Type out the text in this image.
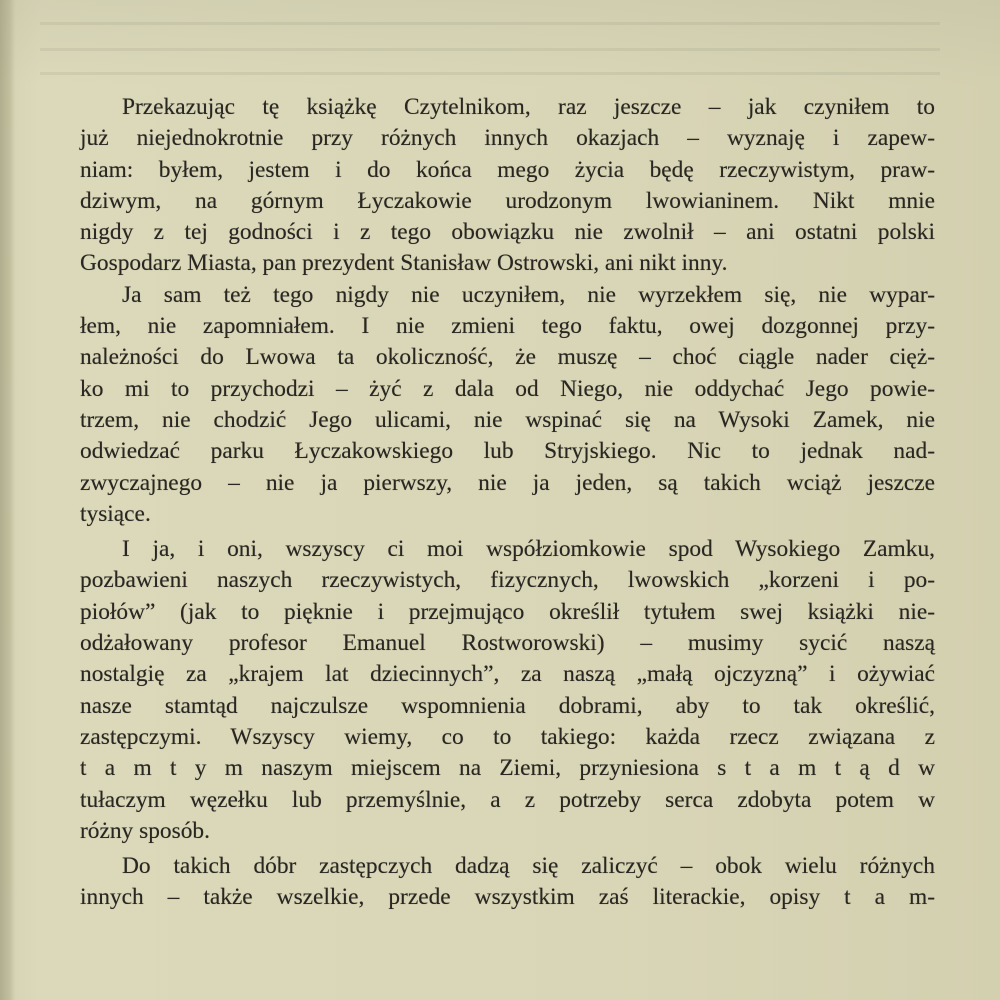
Przekazując tę książkę Czytelnikom, raz jeszcze – jak czyniłem to
już niejednokrotnie przy różnych innych okazjach – wyznaję i zapew-
niam: byłem, jestem i do końca mego życia będę rzeczywistym, praw-
dziwym, na górnym Łyczakowie urodzonym lwowianinem. Nikt mnie
nigdy z tej godności i z tego obowiązku nie zwolnił – ani ostatni polski
Gospodarz Miasta, pan prezydent Stanisław Ostrowski, ani nikt inny.
Ja sam też tego nigdy nie uczyniłem, nie wyrzekłem się, nie wypar-
łem, nie zapomniałem. I nie zmieni tego faktu, owej dozgonnej przy-
należności do Lwowa ta okoliczność, że muszę – choć ciągle nader cięż-
ko mi to przychodzi – żyć z dala od Niego, nie oddychać Jego powie-
trzem, nie chodzić Jego ulicami, nie wspinać się na Wysoki Zamek, nie
odwiedzać parku Łyczakowskiego lub Stryjskiego. Nic to jednak nad-
zwyczajnego – nie ja pierwszy, nie ja jeden, są takich wciąż jeszcze
tysiące.
I ja, i oni, wszyscy ci moi współziomkowie spod Wysokiego Zamku,
pozbawieni naszych rzeczywistych, fizycznych, lwowskich „korzeni i po-
piołów” (jak to pięknie i przejmująco określił tytułem swej książki nie-
odżałowany profesor Emanuel Rostworowski) – musimy sycić naszą
nostalgię za „krajem lat dziecinnych”, za naszą „małą ojczyzną” i ożywiać
nasze stamtąd najczulsze wspomnienia dobrami, aby to tak określić,
zastępczymi. Wszyscy wiemy, co to takiego: każda rzecz związana z
t a m t y m naszym miejscem na Ziemi, przyniesiona s t a m t ą d w
tułaczym węzełku lub przemyślnie, a z potrzeby serca zdobyta potem w
różny sposób.
Do takich dóbr zastępczych dadzą się zaliczyć – obok wielu różnych
innych – także wszelkie, przede wszystkim zaś literackie, opisy t a m-
